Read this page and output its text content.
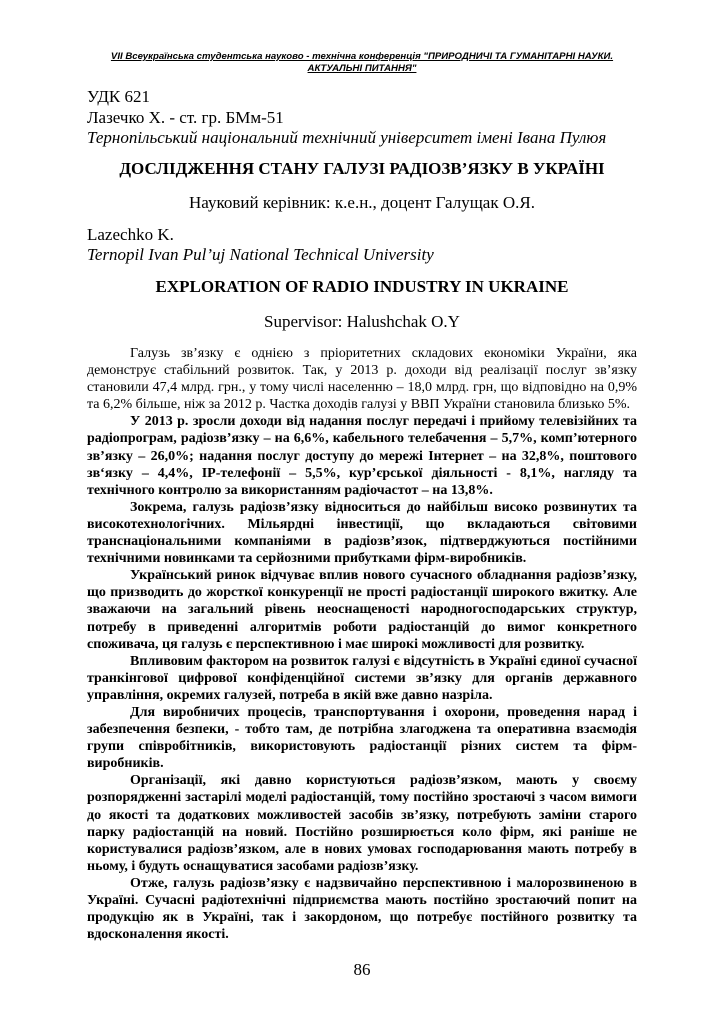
VII Всеукраїнська студентська науково - технічна конференція "ПРИРОДНИЧІ ТА ГУМАНІТАРНІ НАУКИ. АКТУАЛЬНІ ПИТАННЯ"
УДК 621
Лазечко Х. - ст. гр. БМм-51
Тернопільський національний технічний університет імені Івана Пулюя
ДОСЛІДЖЕННЯ СТАНУ ГАЛУЗІ РАДІОЗВ’ЯЗКУ В УКРАЇНІ
Науковий керівник: к.е.н., доцент Галущак О.Я.
Lazechko K.
Ternopil Ivan Pul’uj National Technical University
EXPLORATION OF RADIO INDUSTRY IN UKRAINE
Supervisor: Halushchak O.Y

Галузь зв’язку є однією з пріоритетних складових економіки України, яка демонструє стабільний розвиток. Так, у 2013 р. доходи від реалізації послуг зв’язку становили 47,4 млрд. грн., у тому числі населенню – 18,0 млрд. грн, що відповідно на 0,9% та 6,2% більше, ніж за 2012 р. Частка доходів галузі у ВВП України становила близько 5%.

У 2013 р. зросли доходи від надання послуг передачі і прийому телевізійних та радіопрограм, радіозв’язку – на 6,6%, кабельного телебачення – 5,7%, комп’ютерного зв’язку – 26,0%; надання послуг доступу до мережі Інтернет – на 32,8%, поштового зв‘язку – 4,4%, ІР-телефонії – 5,5%, кур’єрської діяльності - 8,1%, нагляду та технічного контролю за використанням радіочастот – на 13,8%.

Зокрема, галузь радіозв’язку відноситься до найбільш високо розвинутих та високотехнологічних. Мільярдні інвестиції, що вкладаються світовими транснаціональними компаніями в радіозв’язок, підтверджуються постійними технічними новинками та серйозними прибутками фірм-виробників.

Український ринок відчуває вплив нового сучасного обладнання радіозв’язку, що призводить до жорсткої конкуренції не прості радіостанції широкого вжитку. Але зважаючи на загальний рівень неоснащеності народногосподарських структур, потребу в приведенні алгоритмів роботи радіостанцій до вимог конкретного споживача, ця галузь є перспективною і має широкі можливості для розвитку.

Впливовим фактором на розвиток галузі є відсутність в Україні єдиної сучасної транкінгової цифрової конфіденційної системи зв’язку для органів державного управління, окремих галузей, потреба в якій вже давно назріла.

Для виробничих процесів, транспортування і охорони, проведення нарад і забезпечення безпеки, - тобто там, де потрібна злагоджена та оперативна взаємодія групи співробітників, використовують радіостанції різних систем та фірм-виробників.

Організації, які давно користуються радіозв’язком, мають у своєму розпорядженні застарілі моделі радіостанцій, тому постійно зростаючі з часом вимоги до якості та додаткових можливостей засобів зв’язку, потребують заміни старого парку радіостанцій на новий. Постійно розширюється коло фірм, які раніше не користувалися радіозв’язком, але в нових умовах господарювання мають потребу в ньому, і будуть оснащуватися засобами радіозв’язку.

Отже, галузь радіозв’язку є надзвичайно перспективною і малорозвиненою в Україні. Сучасні радіотехнічні підприємства мають постійно зростаючий попит на продукцію як в Україні, так і закордоном, що потребує постійного розвитку та вдосконалення якості.

86
